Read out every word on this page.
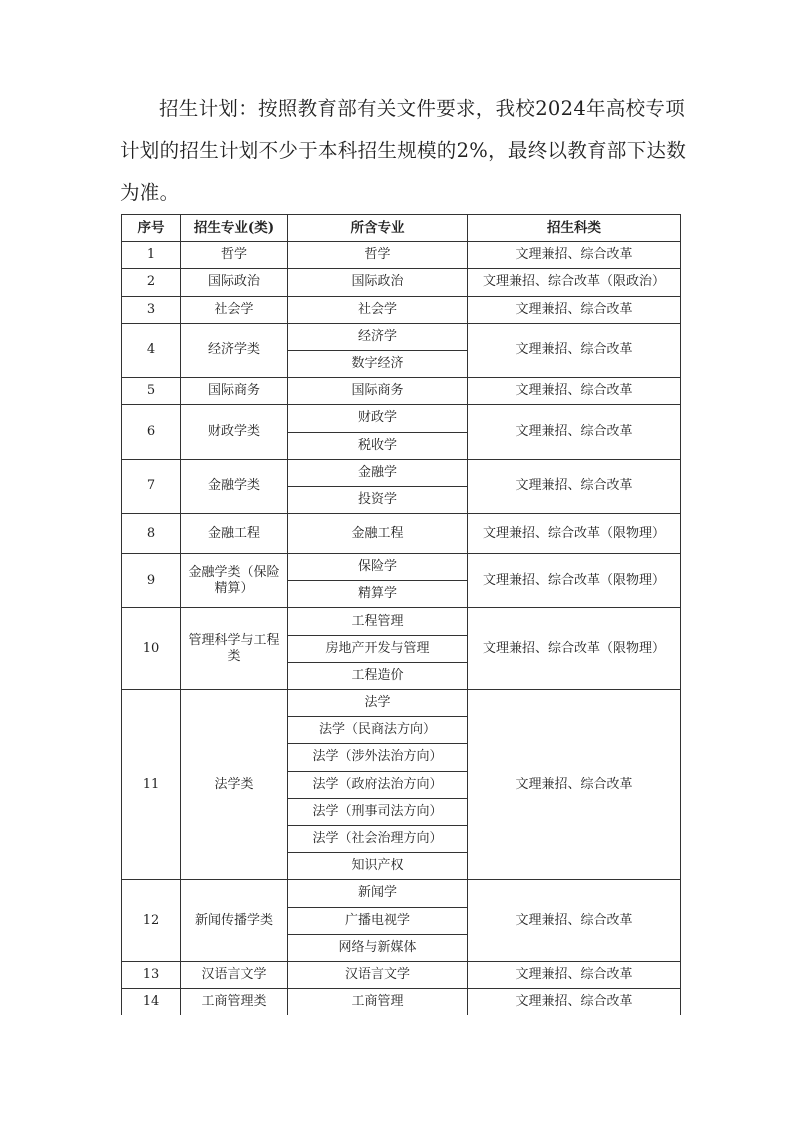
招生计划：按照教育部有关文件要求，我校2024年高校专项计划的招生计划不少于本科招生规模的2%，最终以教育部下达数为准。

序号	招生专业(类)	所含专业	招生科类
1	哲学	哲学	文理兼招、综合改革
2	国际政治	国际政治	文理兼招、综合改革（限政治）
3	社会学	社会学	文理兼招、综合改革
4	经济学类	经济学	文理兼招、综合改革
		数字经济	
5	国际商务	国际商务	文理兼招、综合改革
6	财政学类	财政学	文理兼招、综合改革
		税收学	
7	金融学类	金融学	文理兼招、综合改革
		投资学	
8	金融工程	金融工程	文理兼招、综合改革（限物理）
9	金融学类（保险精算）	保险学	文理兼招、综合改革（限物理）
		精算学	
10	管理科学与工程类	工程管理	文理兼招、综合改革（限物理）
		房地产开发与管理	
		工程造价	
11	法学类	法学	文理兼招、综合改革
		法学（民商法方向）	
		法学（涉外法治方向）	
		法学（政府法治方向）	
		法学（刑事司法方向）	
		法学（社会治理方向）	
		知识产权	
12	新闻传播学类	新闻学	文理兼招、综合改革
		广播电视学	
		网络与新媒体	
13	汉语言文学	汉语言文学	文理兼招、综合改革
14	工商管理类	工商管理	文理兼招、综合改革
